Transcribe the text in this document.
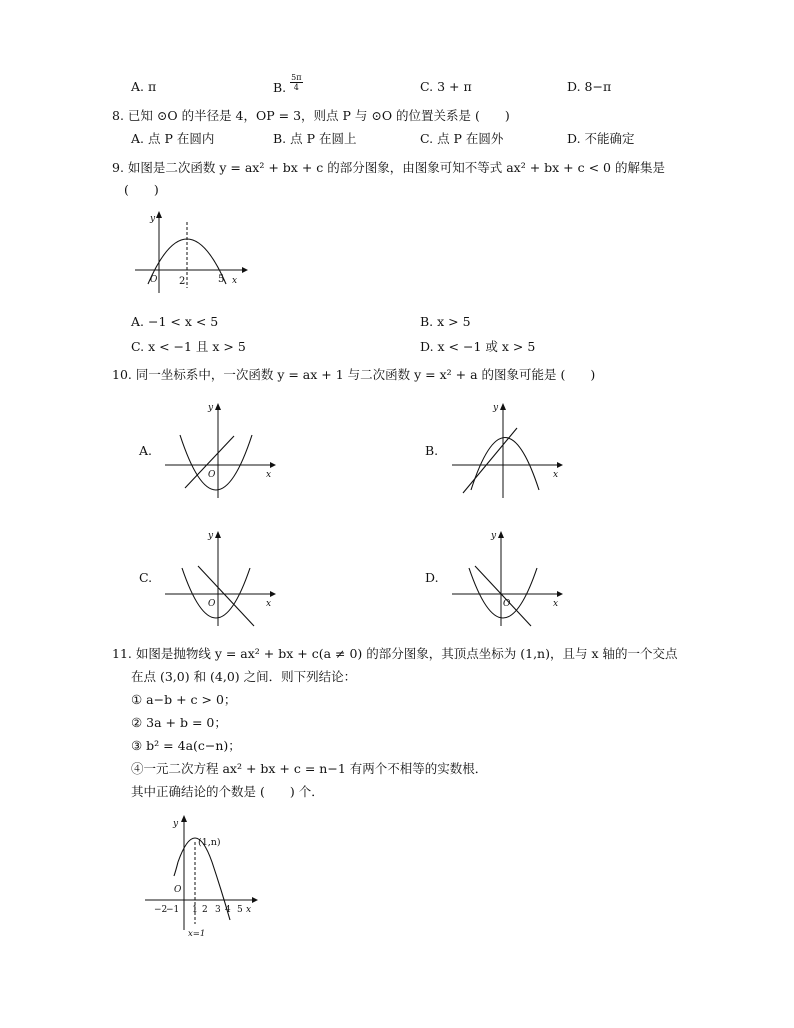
A. π	B. $\frac{5\pi}{4}$	C. 3 + π	D. 8−π
8. 已知 ⊙O 的半径是 4，OP = 3，则点 P 与 ⊙O 的位置关系是 (　　)
A. 点 P 在圆内	B. 点 P 在圆上	C. 点 P 在圆外	D. 不能确定
9. 如图是二次函数 y = ax² + bx + c 的部分图象，由图象可知不等式 ax² + bx + c < 0 的解集是
(　　)
y
x
O 2	5
A. −1 < x < 5	B. x > 5
C. x < −1 且 x > 5	D. x < −1 或 x > 5
10. 同一坐标系中，一次函数 y = ax + 1 与二次函数 y = x² + a 的图象可能是 (　　)
A.
y
x
O
B.
y
x
C.
y
x
O
D.
y
x
O
11. 如图是抛物线 y = ax² + bx + c(a ≠ 0) 的部分图象，其顶点坐标为 (1,n)，且与 x 轴的一个交点
在点 (3,0) 和 (4,0) 之间．则下列结论：
① a−b + c > 0；
② 3a + b = 0；
③ b² = 4a(c−n)；
④一元二次方程 ax² + bx + c = n−1 有两个不相等的实数根．
其中正确结论的个数是 (　　) 个．
y
x
O
(1,n)
−2
−1 1 2 3 4 5
x=1
